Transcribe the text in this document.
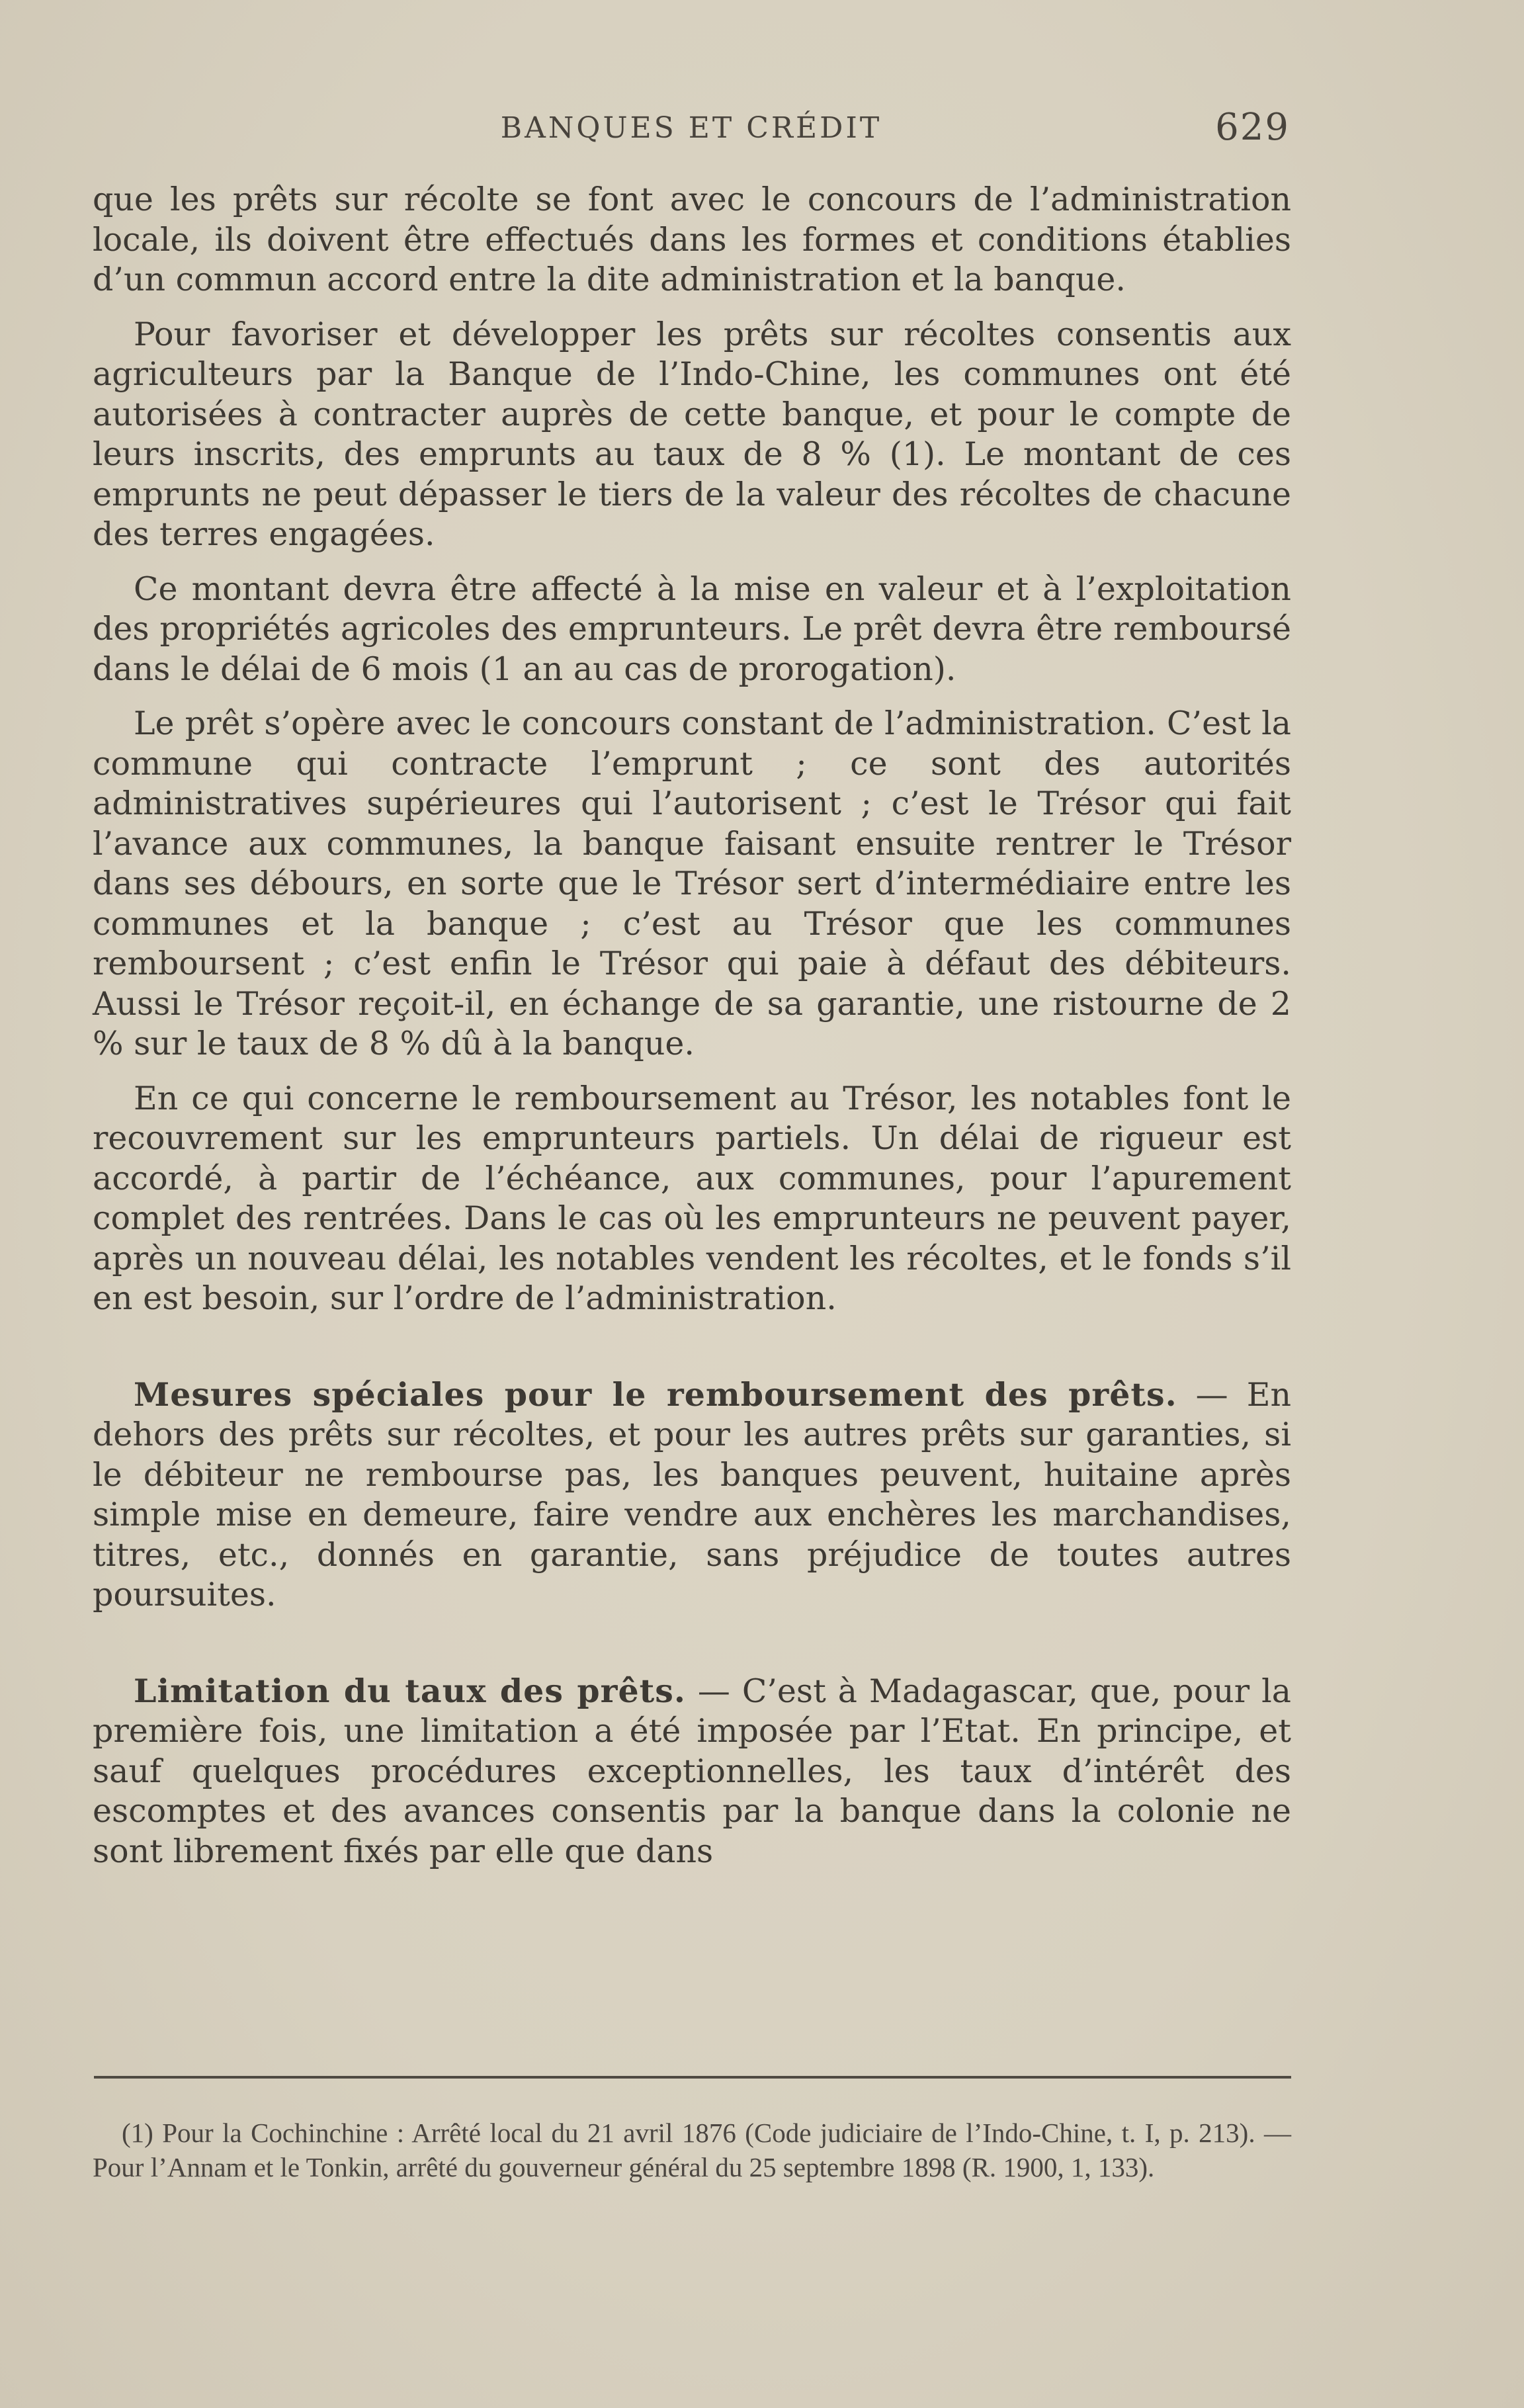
BANQUES ET CRÉDIT	629

que les prêts sur récolte se font avec le concours de l’administration locale, ils doivent être effectués dans les formes et conditions établies d’un commun accord entre la dite administration et la banque.

Pour favoriser et développer les prêts sur récoltes consentis aux agriculteurs par la Banque de l’Indo-Chine, les communes ont été autorisées à contracter auprès de cette banque, et pour le compte de leurs inscrits, des emprunts au taux de 8 % (1). Le montant de ces emprunts ne peut dépasser le tiers de la valeur des récoltes de chacune des terres engagées.

Ce montant devra être affecté à la mise en valeur et à l’exploitation des propriétés agricoles des emprunteurs. Le prêt devra être remboursé dans le délai de 6 mois (1 an au cas de prorogation).

Le prêt s’opère avec le concours constant de l’administration. C’est la commune qui contracte l’emprunt ; ce sont des autorités administratives supérieures qui l’autorisent ; c’est le Trésor qui fait l’avance aux communes, la banque faisant ensuite rentrer le Trésor dans ses débours, en sorte que le Trésor sert d’intermédiaire entre les communes et la banque ; c’est au Trésor que les communes remboursent ; c’est enfin le Trésor qui paie à défaut des débiteurs. Aussi le Trésor reçoit-il, en échange de sa garantie, une ristourne de 2 % sur le taux de 8 % dû à la banque.

En ce qui concerne le remboursement au Trésor, les notables font le recouvrement sur les emprunteurs partiels. Un délai de rigueur est accordé, à partir de l’échéance, aux communes, pour l’apurement complet des rentrées. Dans le cas où les emprunteurs ne peuvent payer, après un nouveau délai, les notables vendent les récoltes, et le fonds s’il en est besoin, sur l’ordre de l’administration.

Mesures spéciales pour le remboursement des prêts. — En dehors des prêts sur récoltes, et pour les autres prêts sur garanties, si le débiteur ne rembourse pas, les banques peuvent, huitaine après simple mise en demeure, faire vendre aux enchères les marchandises, titres, etc., donnés en garantie, sans préjudice de toutes autres poursuites.

Limitation du taux des prêts. — C’est à Madagascar, que, pour la première fois, une limitation a été imposée par l’Etat. En principe, et sauf quelques procédures exceptionnelles, les taux d’intérêt des escomptes et des avances consentis par la banque dans la colonie ne sont librement fixés par elle que dans

(1) Pour la Cochinchine : Arrêté local du 21 avril 1876 (Code judiciaire de l’Indo-Chine, t. I, p. 213). — Pour l’Annam et le Tonkin, arrêté du gouverneur général du 25 septembre 1898 (R. 1900, 1, 133).
